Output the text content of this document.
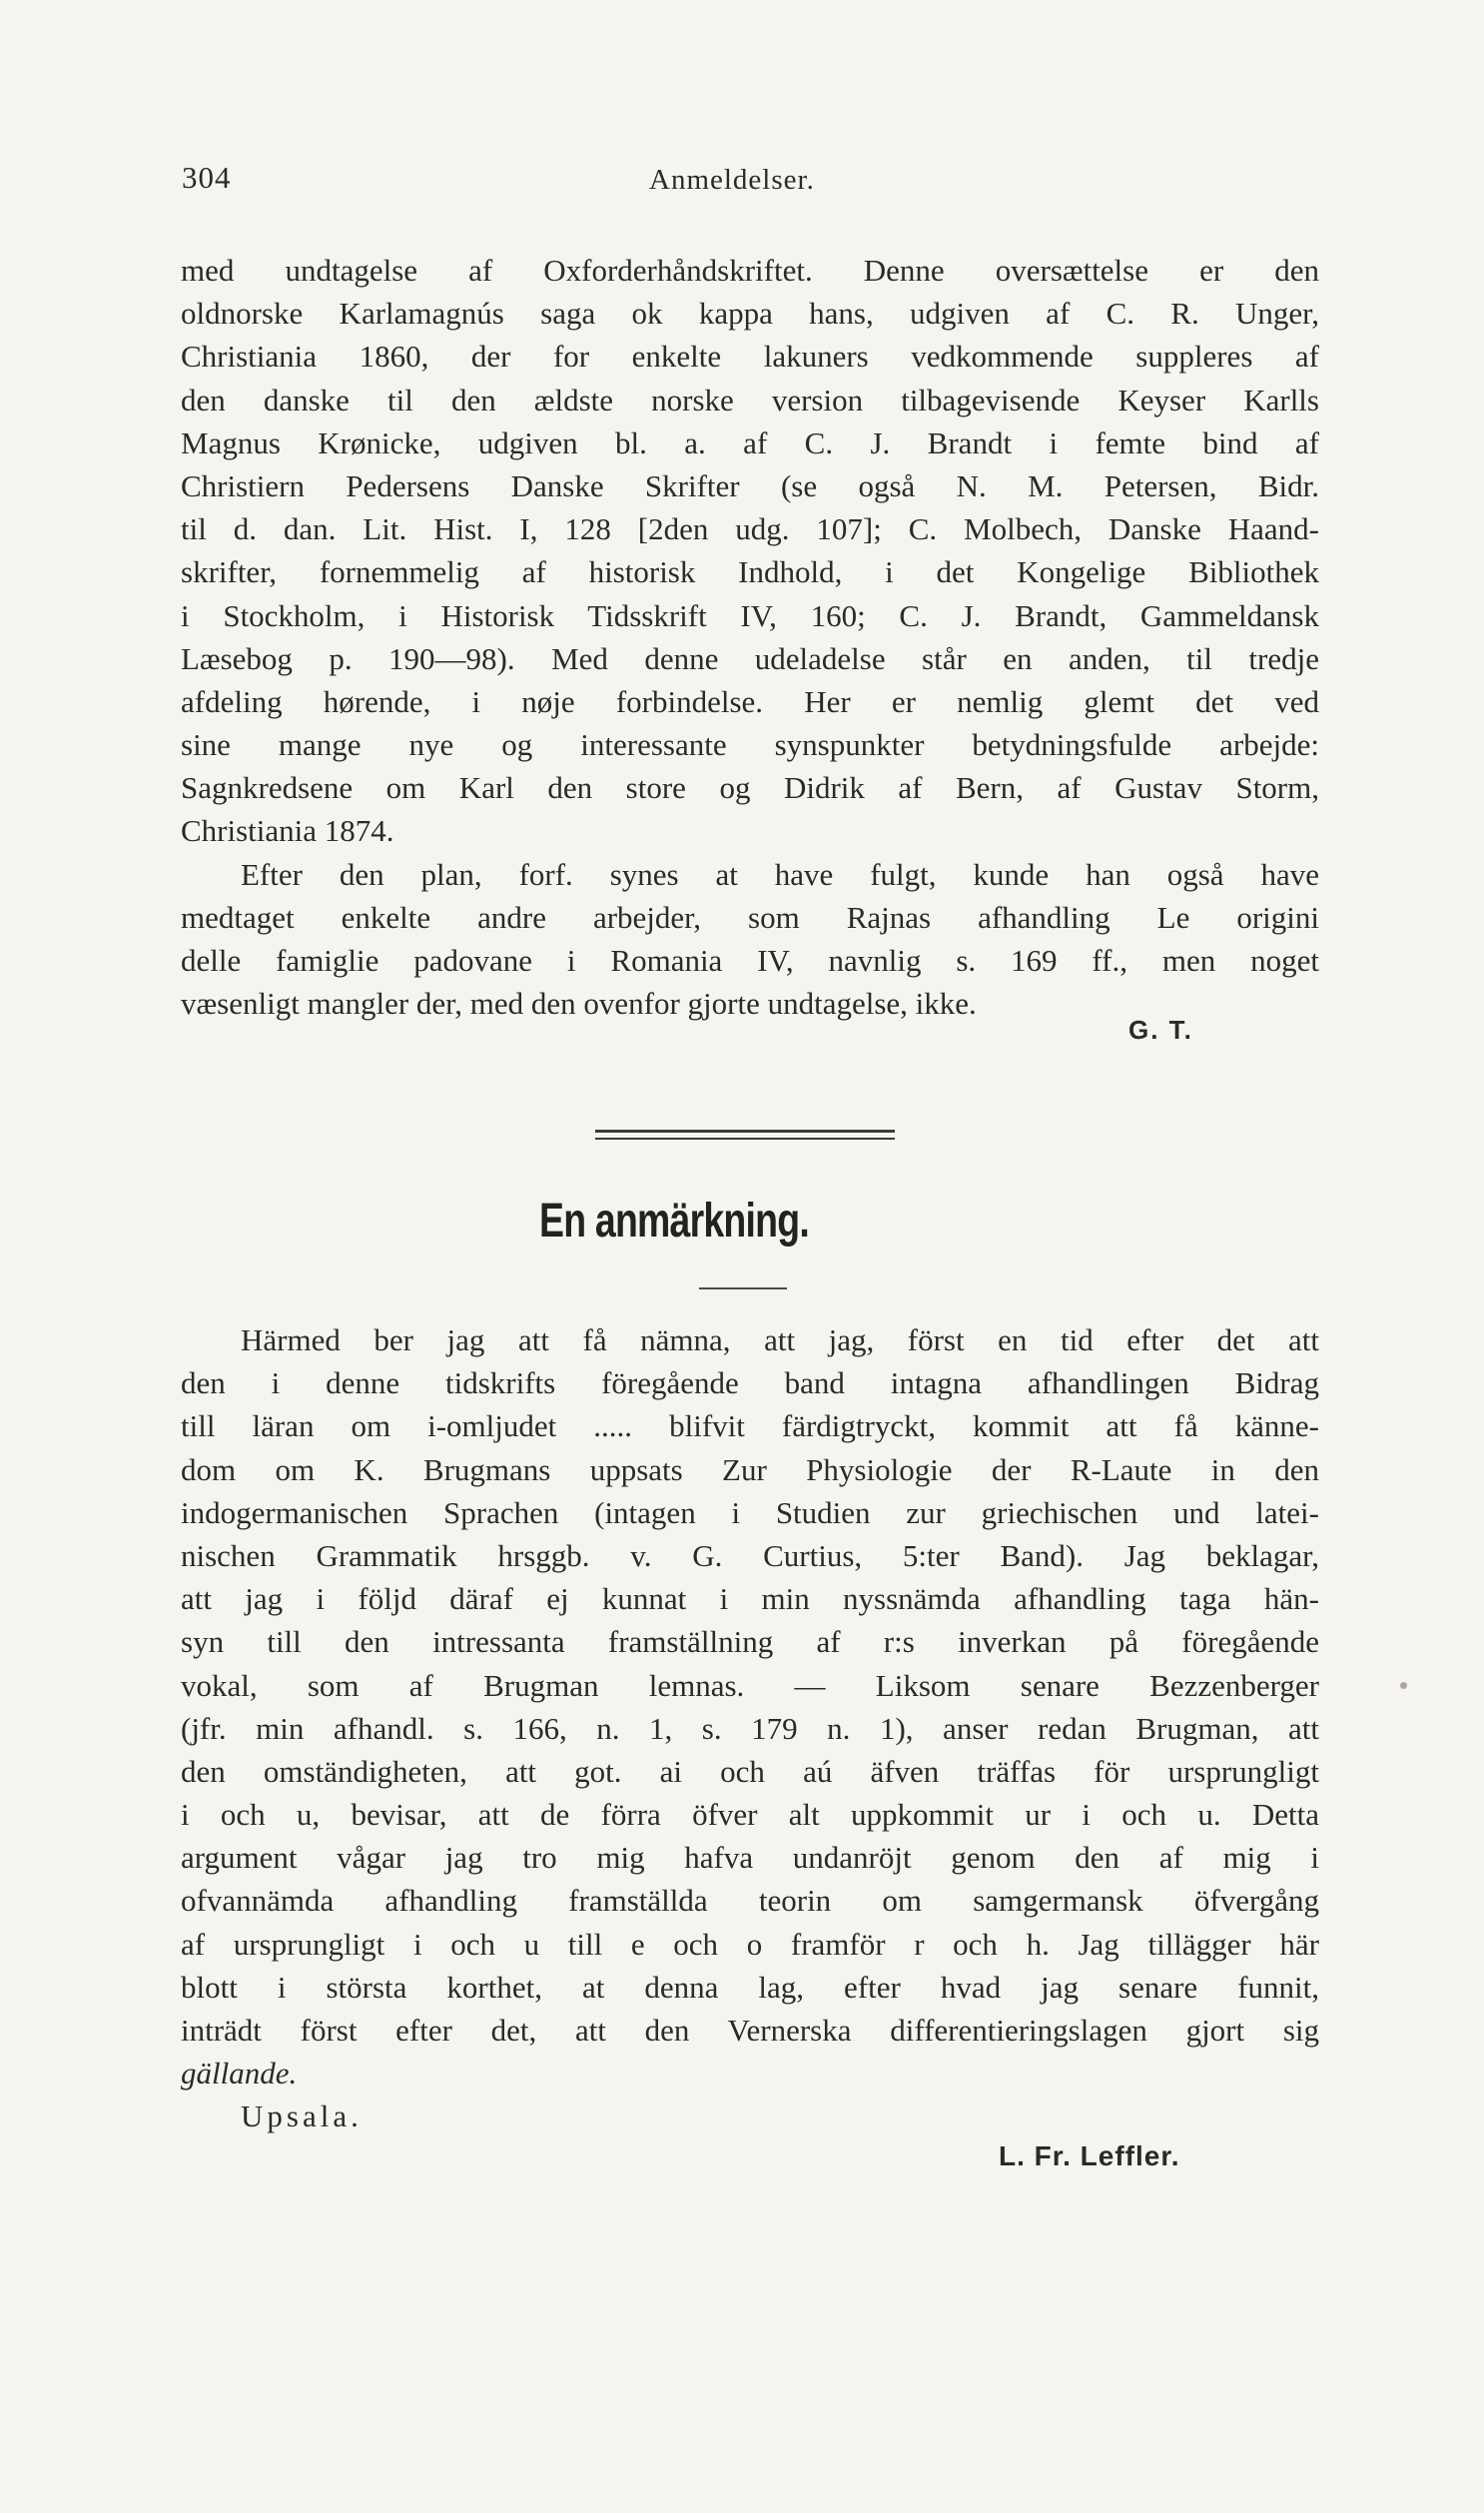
304	Anmeldelser.
med undtagelse af Oxforderhåndskriftet. Denne oversættelse er den
oldnorske Karlamagnús saga ok kappa hans, udgiven af C. R. Unger,
Christiania 1860, der for enkelte lakuners vedkommende suppleres af
den danske til den ældste norske version tilbagevisende Keyser Karlls
Magnus Krønicke, udgiven bl. a. af C. J. Brandt i femte bind af
Christiern Pedersens Danske Skrifter (se også N. M. Petersen, Bidr.
til d. dan. Lit. Hist. I, 128 [2den udg. 107]; C. Molbech, Danske Haand-
skrifter, fornemmelig af historisk Indhold, i det Kongelige Bibliothek
i Stockholm, i Historisk Tidsskrift IV, 160; C. J. Brandt, Gammeldansk
Læsebog p. 190—98). Med denne udeladelse står en anden, til tredje
afdeling hørende, i nøje forbindelse. Her er nemlig glemt det ved
sine mange nye og interessante synspunkter betydningsfulde arbejde:
Sagnkredsene om Karl den store og Didrik af Bern, af Gustav Storm,
Christiania 1874.
Efter den plan, forf. synes at have fulgt, kunde han også have
medtaget enkelte andre arbejder, som Rajnas afhandling Le origini
delle famiglie padovane i Romania IV, navnlig s. 169 ff., men noget
væsenligt mangler der, med den ovenfor gjorte undtagelse, ikke.
G. T.
En anmärkning.
Härmed ber jag att få nämna, att jag, först en tid efter det att
den i denne tidskrifts föregående band intagna afhandlingen Bidrag
till läran om i-omljudet ..... blifvit färdigtryckt, kommit att få känne-
dom om K. Brugmans uppsats Zur Physiologie der R-Laute in den
indogermanischen Sprachen (intagen i Studien zur griechischen und latei-
nischen Grammatik hrsggb. v. G. Curtius, 5:ter Band). Jag beklagar,
att jag i följd däraf ej kunnat i min nyssnämda afhandling taga hän-
syn till den intressanta framställning af r:s inverkan på föregående
vokal, som af Brugman lemnas. — Liksom senare Bezzenberger
(jfr. min afhandl. s. 166, n. 1, s. 179 n. 1), anser redan Brugman, att
den omständigheten, att got. ai och aú äfven träffas för ursprungligt
i och u, bevisar, att de förra öfver alt uppkommit ur i och u. Detta
argument vågar jag tro mig hafva undanröjt genom den af mig i
ofvannämda afhandling framställda teorin om samgermansk öfvergång
af ursprungligt i och u till e och o framför r och h. Jag tillägger här
blott i största korthet, at denna lag, efter hvad jag senare funnit,
inträdt först efter det, att den Vernerska differentieringslagen gjort sig
gällande.
Upsala.
L. Fr. Leffler.
